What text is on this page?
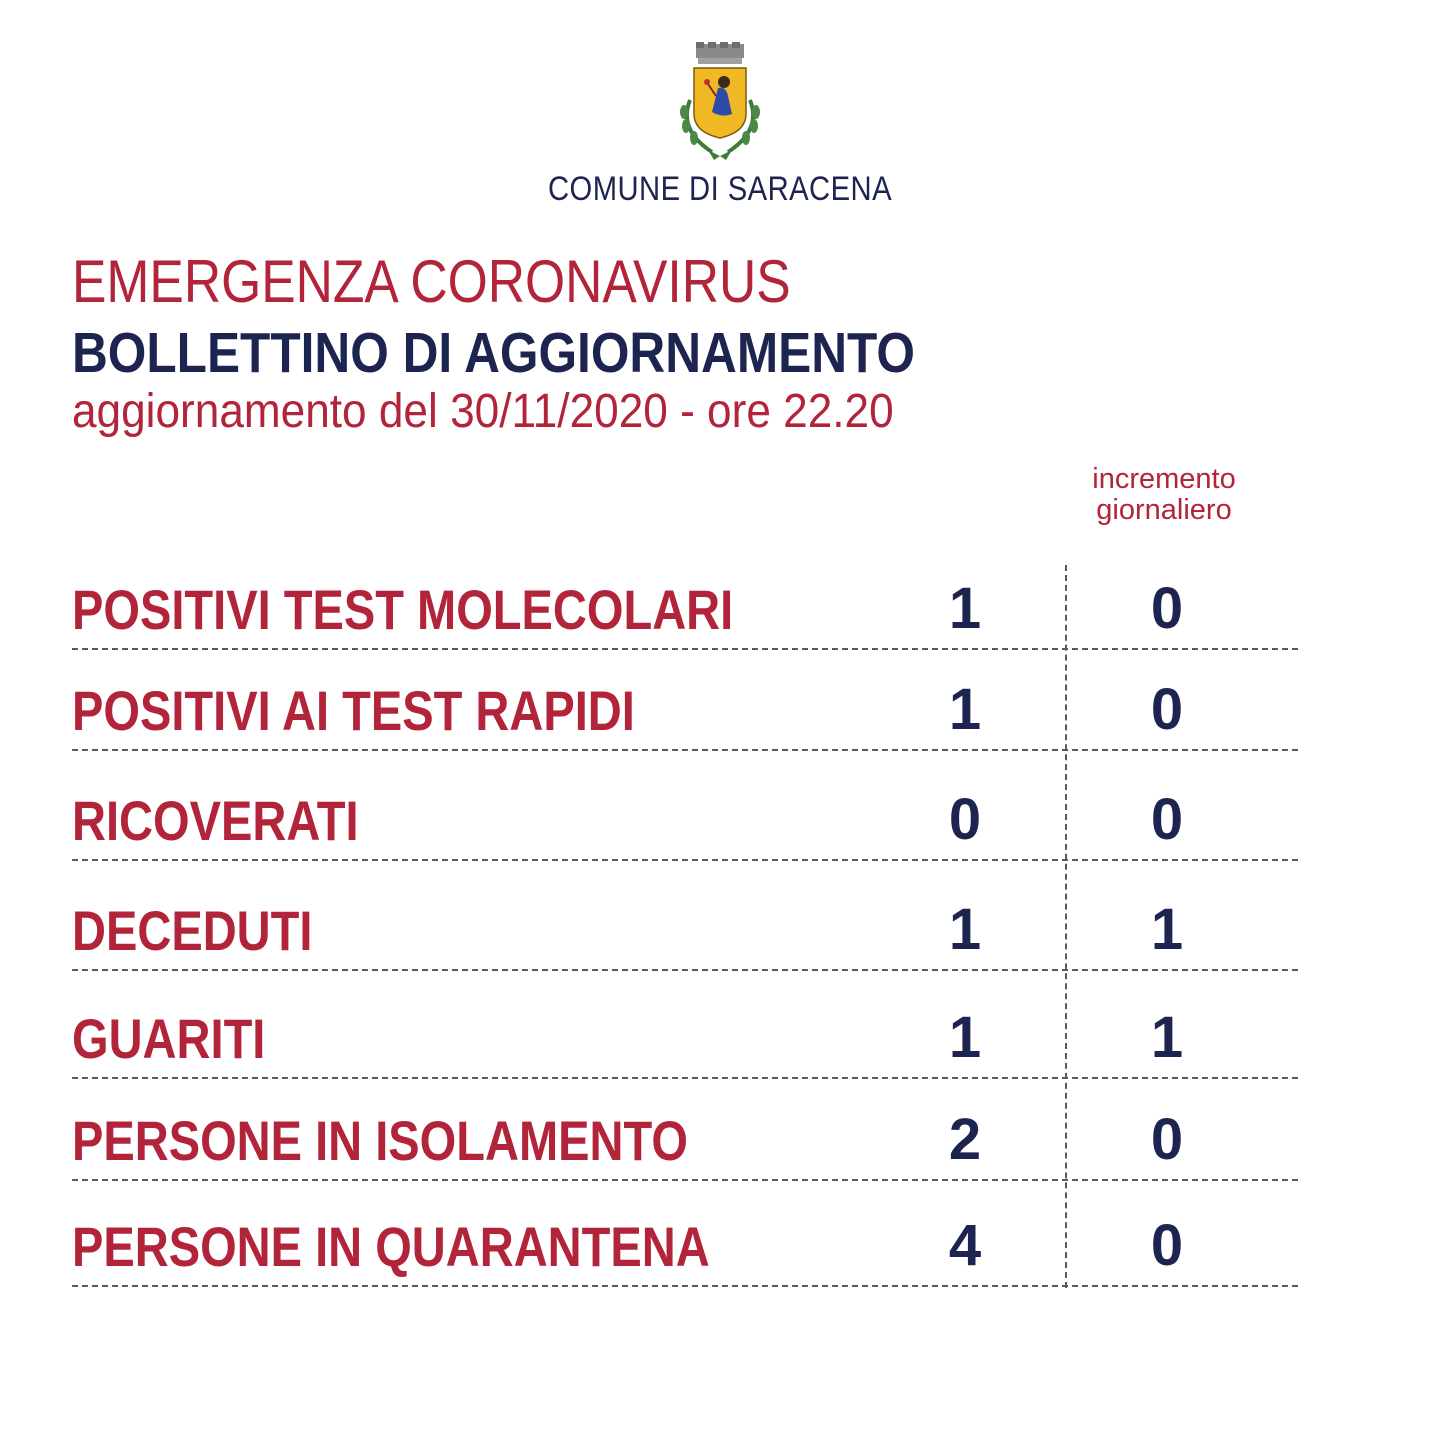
COMUNE DI SARACENA
EMERGENZA CORONAVIRUS
BOLLETTINO DI AGGIORNAMENTO
aggiornamento del 30/11/2020 - ore 22.20
incremento
giornaliero
POSITIVI TEST MOLECOLARI	1	0
POSITIVI AI TEST RAPIDI	1	0
RICOVERATI	0	0
DECEDUTI	1	1
GUARITI	1	1
PERSONE IN ISOLAMENTO	2	0
PERSONE IN QUARANTENA	4	0
